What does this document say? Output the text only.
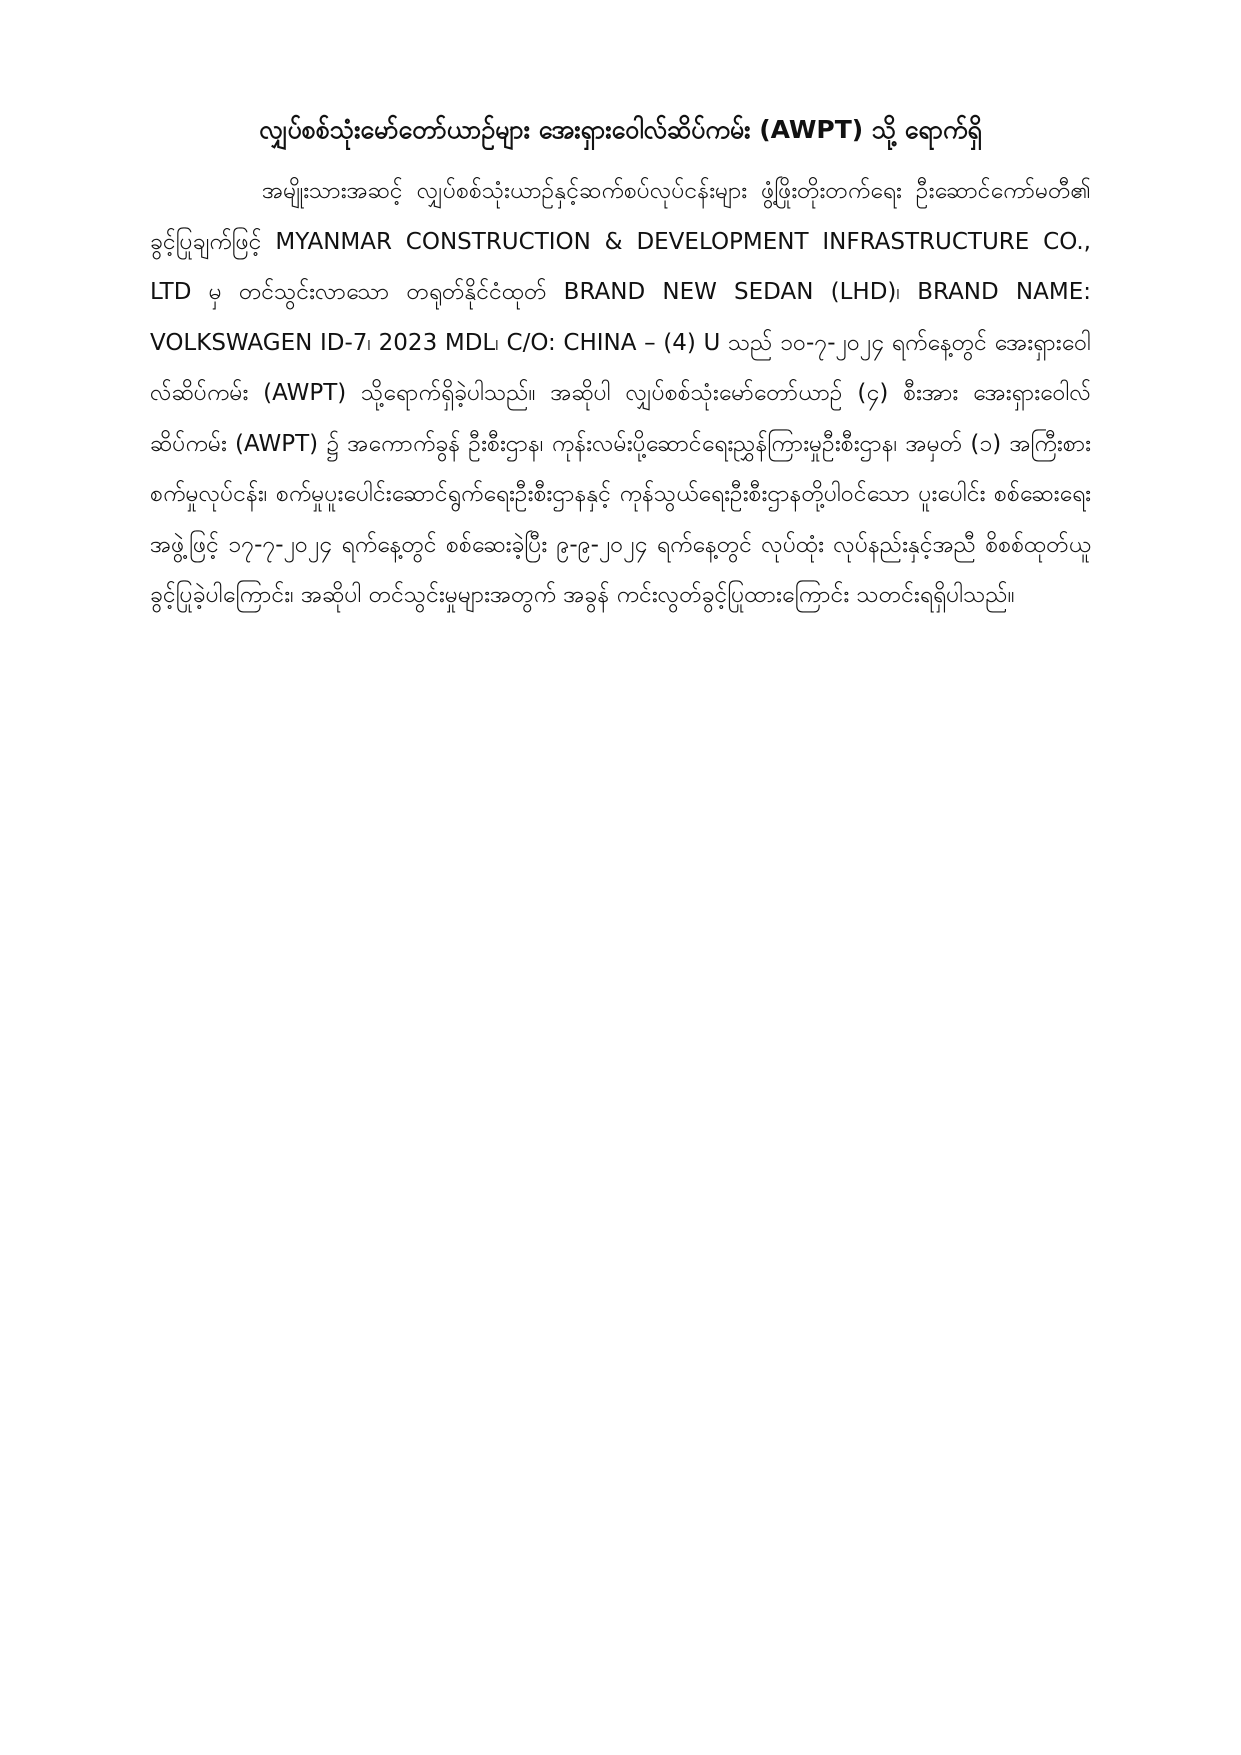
လျှပ်စစ်သုံးမော်တော်ယာဉ်များ အေးရှားဝေါလ်ဆိပ်ကမ်း (AWPT) သို့ ရောက်ရှိ

အမျိုးသားအဆင့် လျှပ်စစ်သုံးယာဉ်နှင့်ဆက်စပ်လုပ်ငန်းများ ဖွံ့ဖြိုးတိုးတက်ရေး ဦးဆောင်ကော်မတီ၏ ခွင့်ပြုချက်ဖြင့် MYANMAR CONSTRUCTION & DEVELOPMENT INFRASTRUCTURE CO., LTD မှ တင်သွင်းလာသော တရုတ်နိုင်ငံထုတ် BRAND NEW SEDAN (LHD)၊ BRAND NAME: VOLKSWAGEN ID-7၊ 2023 MDL၊ C/O: CHINA – (4) U သည် ၁၀-၇-၂၀၂၄ ရက်နေ့တွင် အေးရှားဝေါလ်ဆိပ်ကမ်း (AWPT) သို့ရောက်ရှိခဲ့ပါသည်။ အဆိုပါ လျှပ်စစ်သုံးမော်တော်ယာဉ် (၄) စီးအား အေးရှားဝေါလ်ဆိပ်ကမ်း (AWPT) ၌ အကောက်ခွန် ဦးစီးဌာန၊ ကုန်းလမ်းပို့ဆောင်ရေးညွှန်ကြားမှုဦးစီးဌာန၊ အမှတ် (၁) အကြီးစားစက်မှုလုပ်ငန်း၊ စက်မှုပူးပေါင်းဆောင်ရွက်ရေးဦးစီးဌာနနှင့် ကုန်သွယ်ရေးဦးစီးဌာနတို့ပါဝင်သော ပူးပေါင်း စစ်ဆေးရေးအဖွဲ့ဖြင့် ၁၇-၇-၂၀၂၄ ရက်နေ့တွင် စစ်ဆေးခဲ့ပြီး ၉-၉-၂၀၂၄ ရက်နေ့တွင် လုပ်ထုံး လုပ်နည်းနှင့်အညီ စိစစ်ထုတ်ယူခွင့်ပြုခဲ့ပါကြောင်း၊ အဆိုပါ တင်သွင်းမှုများအတွက် အခွန် ကင်းလွတ်ခွင့်ပြုထားကြောင်း သတင်းရရှိပါသည်။
